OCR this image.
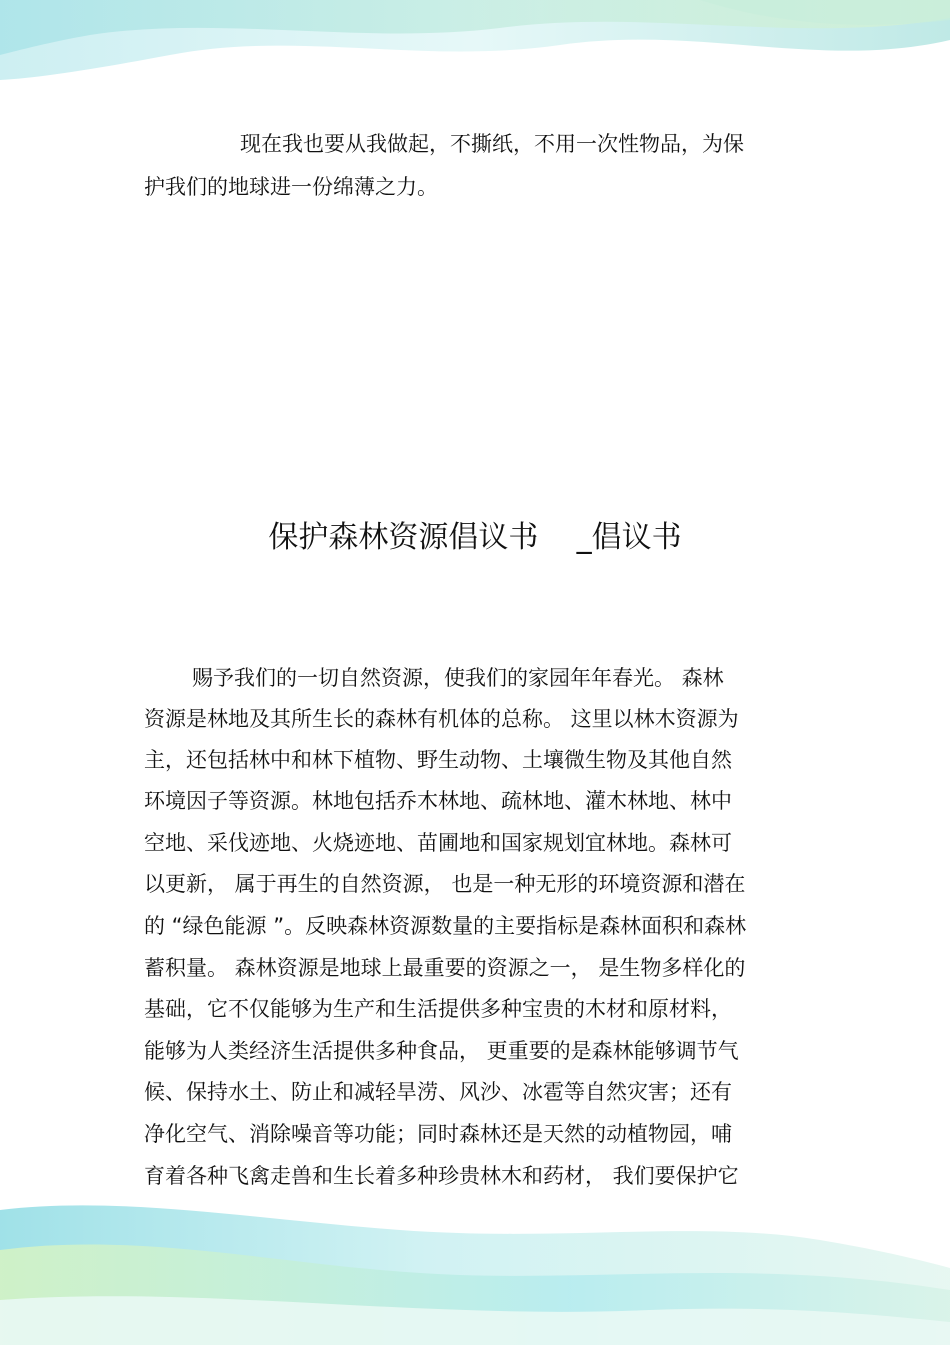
现在我也要从我做起，不撕纸，不用一次性物品，为保
护我们的地球进一份绵薄之力。
保护森林资源倡议书    _倡议书
赐予我们的一切自然资源，使我们的家园年年春光。 森林
资源是林地及其所生长的森林有机体的总称。 这里以林木资源为
主，还包括林中和林下植物、野生动物、土壤微生物及其他自然
环境因子等资源。林地包括乔木林地、疏林地、灌木林地、林中
空地、采伐迹地、火烧迹地、苗圃地和国家规划宜林地。森林可
以更新， 属于再生的自然资源， 也是一种无形的环境资源和潜在
的 “绿色能源 ”。反映森林资源数量的主要指标是森林面积和森林
蓄积量。 森林资源是地球上最重要的资源之一， 是生物多样化的
基础，它不仅能够为生产和生活提供多种宝贵的木材和原材料，
能够为人类经济生活提供多种食品， 更重要的是森林能够调节气
候、保持水土、防止和减轻旱涝、风沙、冰雹等自然灾害；还有
净化空气、消除噪音等功能；同时森林还是天然的动植物园，哺
育着各种飞禽走兽和生长着多种珍贵林木和药材， 我们要保护它
